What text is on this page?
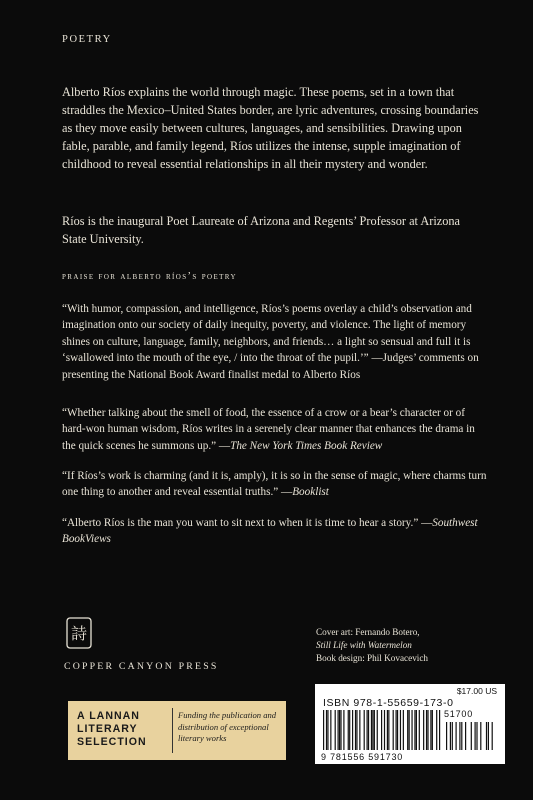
POETRY

Alberto Ríos explains the world through magic. These poems, set in a town that straddles the Mexico–United States border, are lyric adventures, crossing boundaries as they move easily between cultures, languages, and sensibilities. Drawing upon fable, parable, and family legend, Ríos utilizes the intense, supple imagination of childhood to reveal essential relationships in all their mystery and wonder.

Ríos is the inaugural Poet Laureate of Arizona and Regents’ Professor at Arizona State University.

praise for alberto ríos’s poetry

“With humor, compassion, and intelligence, Ríos’s poems overlay a child’s observation and imagination onto our society of daily inequity, poverty, and violence. The light of memory shines on culture, language, family, neighbors, and friends… a light so sensual and full it is ‘swallowed into the mouth of the eye, / into the throat of the pupil.’” —Judges’ comments on presenting the National Book Award finalist medal to Alberto Ríos

“Whether talking about the smell of food, the essence of a crow or a bear’s character or of hard-won human wisdom, Ríos writes in a serenely clear manner that enhances the drama in the quick scenes he summons up.” —The New York Times Book Review

“If Ríos’s work is charming (and it is, amply), it is so in the sense of magic, where charms turn one thing to another and reveal essential truths.” —Booklist

“Alberto Ríos is the man you want to sit next to when it is time to hear a story.” —Southwest BookViews

詩
COPPER CANYON PRESS
Cover art: Fernando Botero,
Still Life with Watermelon
Book design: Phil Kovacevich
A LANNAN LITERARY SELECTION
Funding the publication and distribution of exceptional literary works
$17.00 US
ISBN 978-1-55659-173-0
51700
9 781556 591730
